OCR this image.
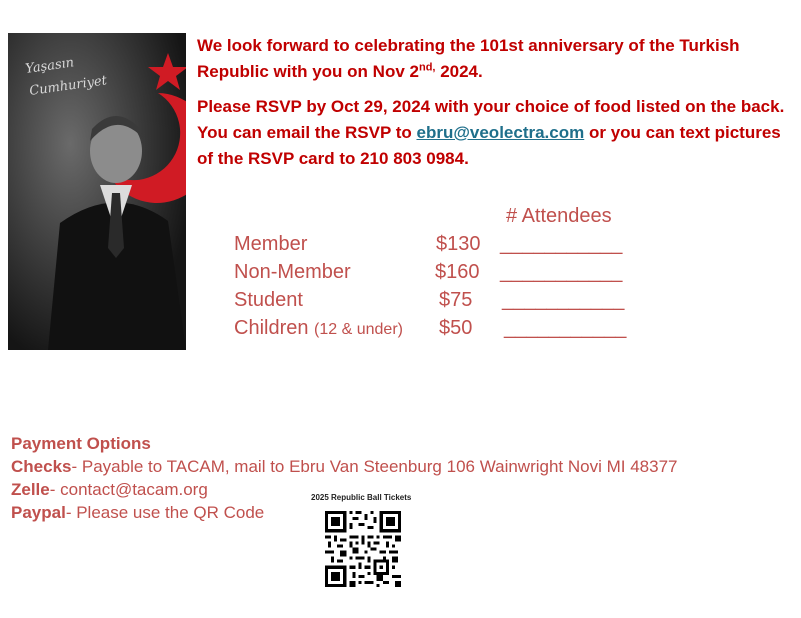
Yaşasın
Cumhuriyet

We look forward to celebrating the 101st anniversary of the Turkish Republic with you on Nov $2^{nd,}$ 2024.

Please RSVP by Oct 29, 2024 with your choice of food listed on the back. You can email the RSVP to ebru@veolectra.com or you can text pictures of the RSVP card to 210 803 0984.

# Attendees
Member	$130 ___________
Non-Member	$160 ___________
Student	$75 ___________
Children (12 & under) $50 ___________
Payment Options
Checks- Payable to TACAM, mail to Ebru Van Steenburg 106 Wainwright Novi MI 48377
Zelle- contact@tacam.org
Paypal- Please use the QR Code
2025 Republic Ball Tickets
